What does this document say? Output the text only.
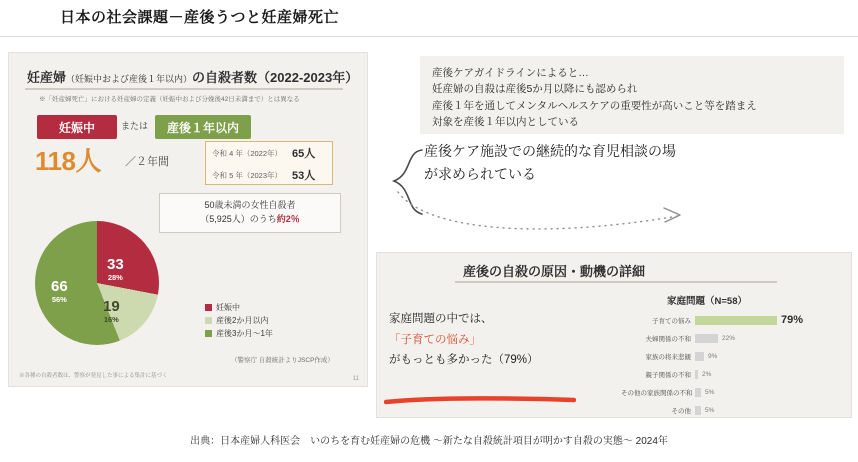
日本の社会課題－産後うつと妊産婦死亡
妊産婦（妊娠中および産後１年以内）の自殺者数（2022-2023年）
※「妊産婦死亡」における妊産婦の定義（妊娠中および分娩後42日未満まで）とは異なる
妊娠中	または	産後１年以内
118人 ／２年間
令和 4 年（2022年） 65人
令和 5 年（2023年） 53人
50歳未満の女性自殺者
（5,925人）のうち約2％
33
28%
19
16%
66
56%
妊娠中
産後2か月以内
産後3か月～1年
（警察庁 自殺統計よりJSCP作成）
※各種の自殺者数は、警察が発見した事による集計に基づく	11
産後ケアガイドラインによると…
妊産婦の自殺は産後5か月以降にも認められ
産後１年を通してメンタルヘルスケアの重要性が高いこと等を踏まえ
対象を産後１年以内としている
産後ケア施設での継続的な育児相談の場
が求められている
産後の自殺の原因・動機の詳細
家庭問題の中では、
「子育ての悩み」
がもっとも多かった（79%）
家庭問題（N=58）
子育ての悩み	79%
夫婦関係の不和	22%
家族の将来悲観	9%
親子関係の不和	2%
その他の家族関係の不和	5%
その他	5%
出典：日本産婦人科医会　いのちを育む妊産婦の危機 ～新たな自殺統計項目が明かす自殺の実態～ 2024年
